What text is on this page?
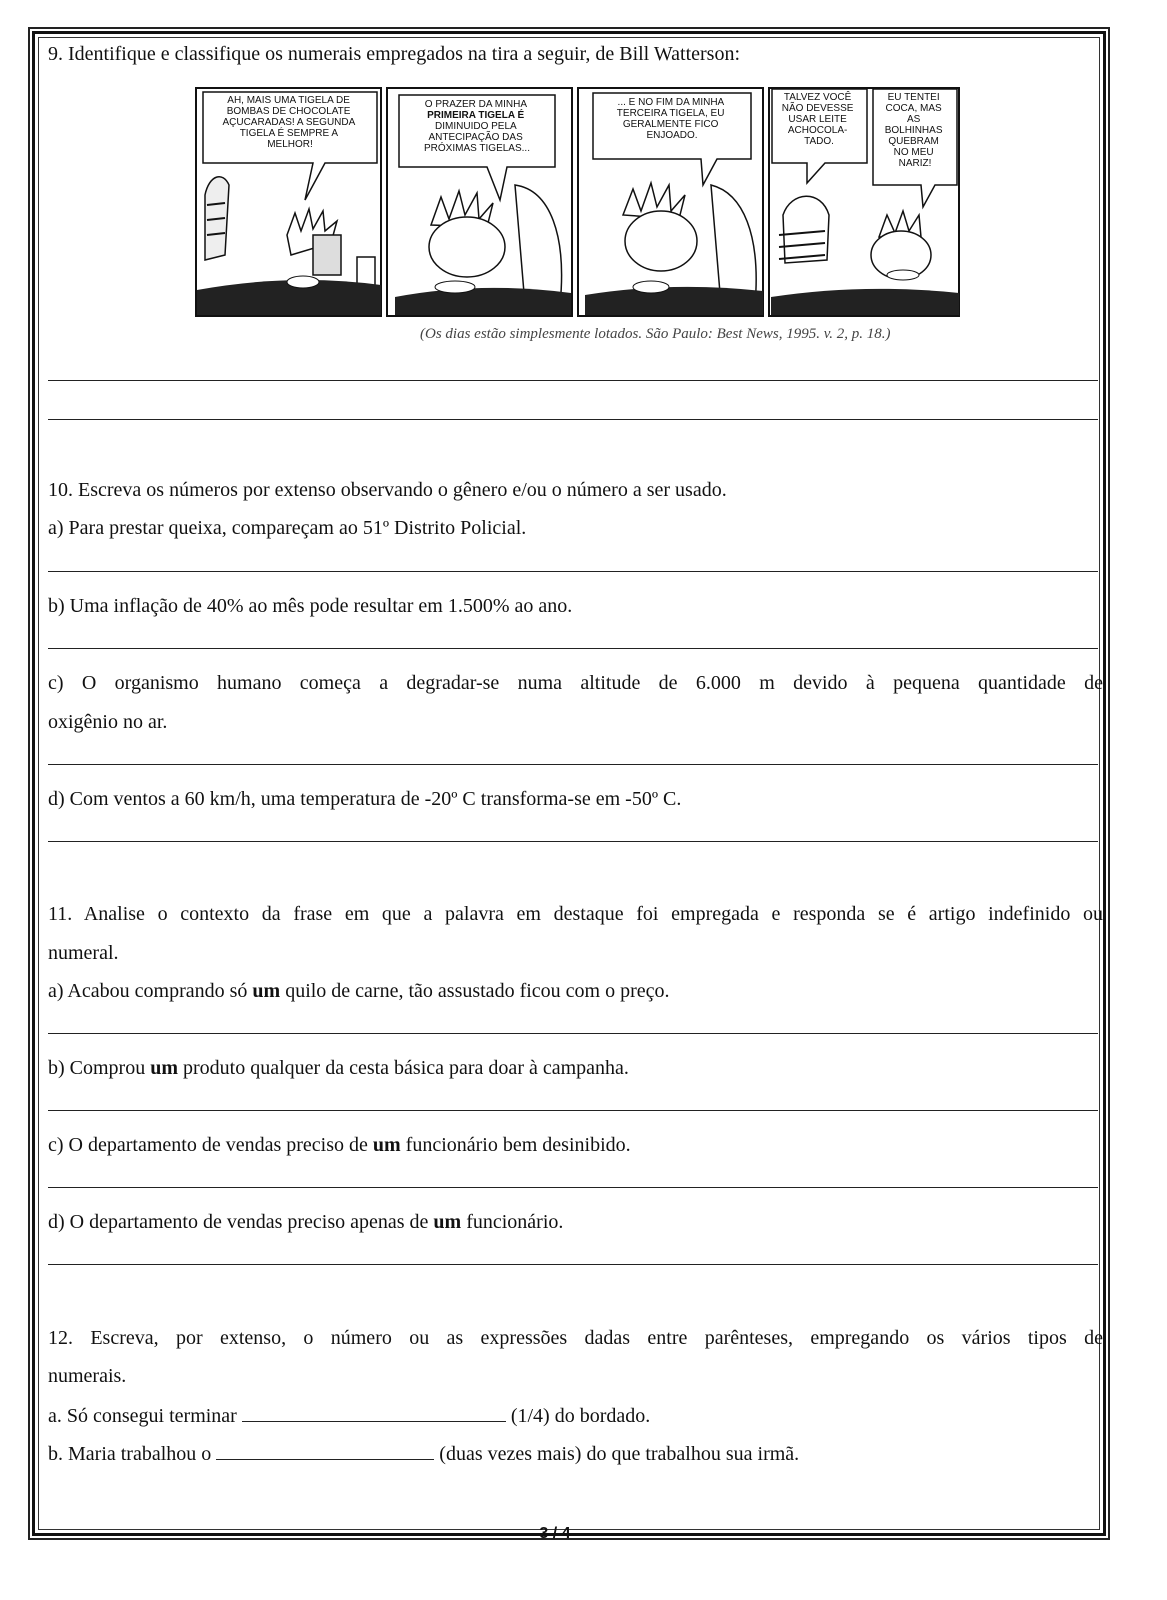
9. Identifique e classifique os numerais empregados na tira a seguir, de Bill Watterson:
AH, MAIS UMA TIGELA DE BOMBAS DE CHOCOLATE AÇUCARADAS! A SEGUNDA TIGELA É SEMPRE A MELHOR!
O PRAZER DA MINHA PRIMEIRA TIGELA É DIMINUIDO PELA ANTECIPAÇÃO DAS PRÓXIMAS TIGELAS...
... E NO FIM DA MINHA TERCEIRA TIGELA, EU GERALMENTE FICO ENJOADO.
TALVEZ VOCÊ NÃO DEVESSE USAR LEITE ACHOCOLA- TADO.
EU TENTEI COCA, MAS AS BOLHINHAS QUEBRAM NO MEU NARIZ!
(Os dias estão simplesmente lotados. São Paulo: Best News, 1995. v. 2, p. 18.)
10. Escreva os números por extenso observando o gênero e/ou o número a ser usado.
a) Para prestar queixa, compareçam ao 51º Distrito Policial.
b) Uma inflação de 40% ao mês pode resultar em 1.500% ao ano.
c) O organismo humano começa a degradar-se numa altitude de 6.000 m devido à pequena quantidade de
oxigênio no ar.
d) Com ventos a 60 km/h, uma temperatura de -20º C transforma-se em -50º C.
11. Analise o contexto da frase em que a palavra em destaque foi empregada e responda se é artigo indefinido ou
numeral.
a) Acabou comprando só um quilo de carne, tão assustado ficou com o preço.
b) Comprou um produto qualquer da cesta básica para doar à campanha.
c) O departamento de vendas preciso de um funcionário bem desinibido.
d) O departamento de vendas preciso apenas de um funcionário.
12. Escreva, por extenso, o número ou as expressões dadas entre parênteses, empregando os vários tipos de
numerais.
a. Só consegui terminar	(1/4) do bordado.
b. Maria trabalhou o	(duas vezes mais) do que trabalhou sua irmã.
3 / 4
